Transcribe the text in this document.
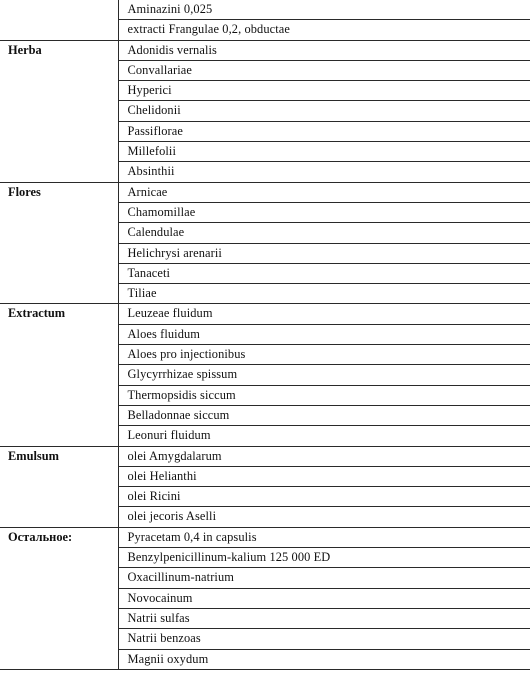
	Aminazini 0,025
	extracti Frangulae 0,2, obductae
Herba	Adonidis vernalis
	Convallariae
	Hyperici
	Chelidonii
	Passiflorae
	Millefolii
	Absinthii
Flores	Arnicae
	Chamomillae
	Calendulae
	Helichrysi arenarii
	Tanaceti
	Tiliae
Extractum	Leuzeae fluidum
	Aloes fluidum
	Aloes pro injectionibus
	Glycyrrhizae spissum
	Thermopsidis siccum
	Belladonnae siccum
	Leonuri fluidum
Emulsum	olei Amygdalarum
	olei Helianthi
	olei Ricini
	olei jecoris Aselli
Остальное:	Pyracetam 0,4 in capsulis
	Benzylpenicillinum-kalium 125 000 ED
	Oxacillinum-natrium
	Novocainum
	Natrii sulfas
	Natrii benzoas
	Magnii oxydum
